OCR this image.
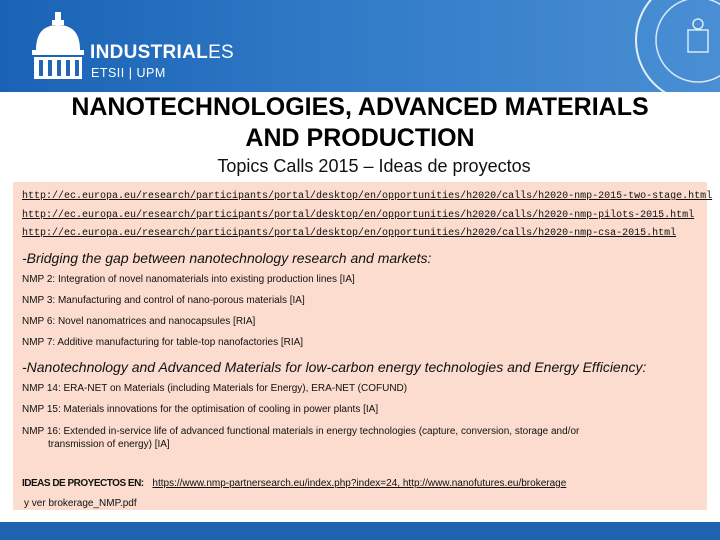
INDUSTRIALES
ETSII | UPM
NANOTECHNOLOGIES, ADVANCED MATERIALS
AND PRODUCTION

Topics Calls 2015 – Ideas de proyectos

http://ec.europa.eu/research/participants/portal/desktop/en/opportunities/h2020/calls/h2020-nmp-2015-two-stage.html
http://ec.europa.eu/research/participants/portal/desktop/en/opportunities/h2020/calls/h2020-nmp-pilots-2015.html
http://ec.europa.eu/research/participants/portal/desktop/en/opportunities/h2020/calls/h2020-nmp-csa-2015.html
-Bridging the gap between nanotechnology research and markets:
NMP 2: Integration of novel nanomaterials into existing production lines [IA]
NMP 3: Manufacturing and control of nano-porous materials [IA]
NMP 6: Novel nanomatrices and nanocapsules [RIA]
NMP 7: Additive manufacturing for table-top nanofactories [RIA]
-Nanotechnology and Advanced Materials for low-carbon energy technologies and Energy Efficiency:
NMP 14: ERA-NET on Materials (including Materials for Energy), ERA-NET (COFUND)
NMP 15: Materials innovations for the optimisation of cooling in power plants [IA]
NMP 16: Extended in-service life of advanced functional materials in energy technologies (capture, conversion, storage and/or
transmission of energy) [IA]
IDEAS DE PROYECTOS EN: https://www.nmp-partnersearch.eu/index.php?index=24, http://www.nanofutures.eu/brokerage
y ver brokerage_NMP.pdf
